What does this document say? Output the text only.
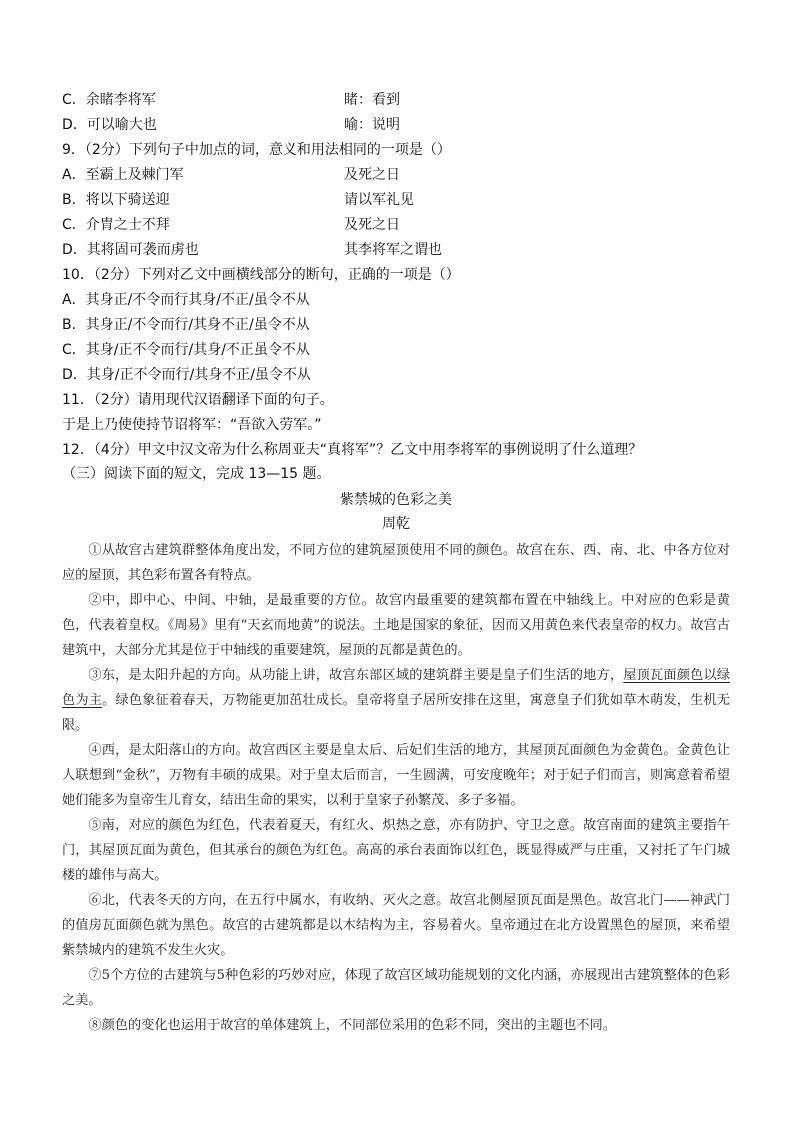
C．余睹李将军	睹：看到
D．可以喻大也	喻：说明
9．（2分）下列句子中加点的词，意义和用法相同的一项是（）
A．至霸上及棘门军	及死之日
B．将以下骑送迎	请以军礼见
C．介胄之士不拜	及死之日
D．其将固可袭而虏也	其李将军之谓也
10．（2分）下列对乙文中画横线部分的断句，正确的一项是（）
A．其身正/不令而行其身/不正/虽令不从
B．其身正/不令而行/其身不正/虽令不从
C．其身/正不令而行/其身/不正虽令不从
D．其身/正不令而行/其身不正/虽令不从
11．（2分）请用现代汉语翻译下面的句子。
于是上乃使使持节诏将军：“吾欲入劳军。”
12．（4分）甲文中汉文帝为什么称周亚夫“真将军”？乙文中用李将军的事例说明了什么道理？
（三）阅读下面的短文，完成 13—15 题。
紫禁城的色彩之美
周乾

①从故宫古建筑群整体角度出发，不同方位的建筑屋顶使用不同的颜色。故宫在东、西、南、北、中各方位对应的屋顶，其色彩布置各有特点。

②中，即中心、中间、中轴，是最重要的方位。故宫内最重要的建筑都布置在中轴线上。中对应的色彩是黄色，代表着皇权。《周易》里有“天玄而地黄”的说法。土地是国家的象征，因而又用黄色来代表皇帝的权力。故宫古建筑中，大部分尤其是位于中轴线的重要建筑，屋顶的瓦都是黄色的。

③东，是太阳升起的方向。从功能上讲，故宫东部区域的建筑群主要是皇子们生活的地方，屋顶瓦面颜色以绿色为主。绿色象征着春天，万物能更加茁壮成长。皇帝将皇子居所安排在这里，寓意皇子们犹如草木萌发，生机无限。

④西，是太阳落山的方向。故宫西区主要是皇太后、后妃们生活的地方，其屋顶瓦面颜色为金黄色。金黄色让人联想到“金秋”，万物有丰硕的成果。对于皇太后而言，一生圆满，可安度晚年；对于妃子们而言，则寓意着希望她们能多为皇帝生儿育女，结出生命的果实，以利于皇家子孙繁茂、多子多福。

⑤南，对应的颜色为红色，代表着夏天，有红火、炽热之意，亦有防护、守卫之意。故宫南面的建筑主要指午门，其屋顶瓦面为黄色，但其承台的颜色为红色。高高的承台表面饰以红色，既显得威严与庄重，又衬托了午门城楼的雄伟与高大。

⑥北，代表冬天的方向，在五行中属水，有收纳、灭火之意。故宫北侧屋顶瓦面是黑色。故宫北门——神武门的值房瓦面颜色就为黑色。故宫的古建筑都是以木结构为主，容易着火。皇帝通过在北方设置黑色的屋顶，来希望紫禁城内的建筑不发生火灾。

⑦5个方位的古建筑与5种色彩的巧妙对应，体现了故宫区域功能规划的文化内涵，亦展现出古建筑整体的色彩之美。

⑧颜色的变化也运用于故宫的单体建筑上，不同部位采用的色彩不同，突出的主题也不同。
